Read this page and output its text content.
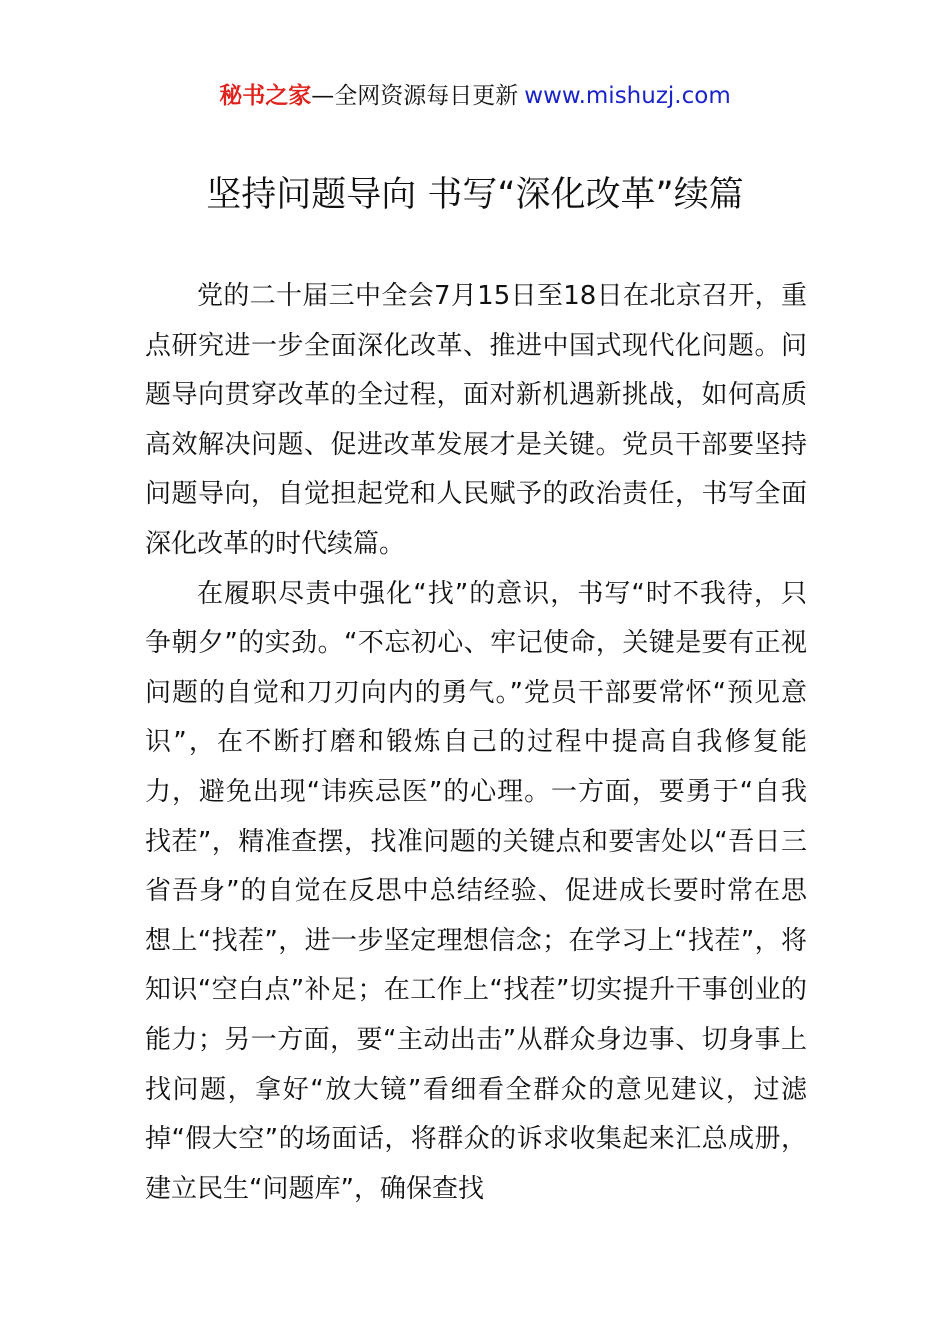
秘书之家—全网资源每日更新 www.mishuzj.com
坚持问题导向 书写“深化改革”续篇

党的二十届三中全会7月15日至18日在北京召开，重点研究进一步全面深化改革、推进中国式现代化问题。问题导向贯穿改革的全过程，面对新机遇新挑战，如何高质高效解决问题、促进改革发展才是关键。党员干部要坚持问题导向，自觉担起党和人民赋予的政治责任，书写全面深化改革的时代续篇。

在履职尽责中强化“找”的意识，书写“时不我待，只争朝夕”的实劲。“不忘初心、牢记使命，关键是要有正视问题的自觉和刀刃向内的勇气。”党员干部要常怀“预见意识”，在不断打磨和锻炼自己的过程中提高自我修复能力，避免出现“讳疾忌医”的心理。一方面，要勇于“自我找茬”，精准查摆，找准问题的关键点和要害处以“吾日三省吾身”的自觉在反思中总结经验、促进成长要时常在思想上“找茬”，进一步坚定理想信念；在学习上“找茬”，将知识“空白点”补足；在工作上“找茬”切实提升干事创业的能力；另一方面，要“主动出击”从群众身边事、切身事上找问题，拿好“放大镜”看细看全群众的意见建议，过滤掉“假大空”的场面话，将群众的诉求收集起来汇总成册，建立民生“问题库”，确保查找
